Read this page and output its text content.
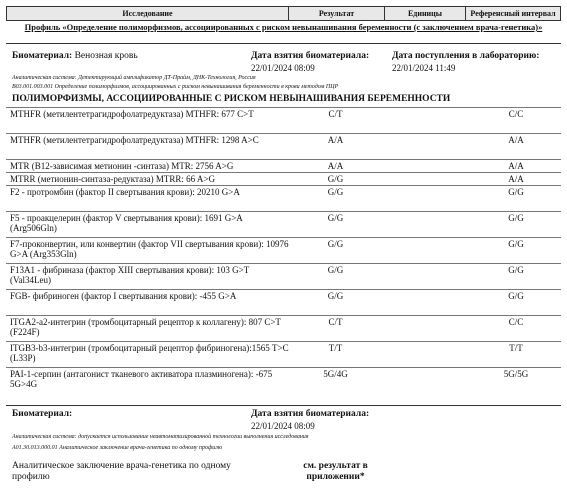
Исследование	Результат	Единицы	Референсный интервал
Профиль «Определение полиморфизмов, ассоциированных с риском невынашивания беременности (с заключением врача-генетика)»
Биоматериал: Венозная кровь	Дата взятия биоматериала:
22/01/2024 08:09
Дата поступления в лабораторию:
22/01/2024 11:49
Аналитическая система: Детектирующий амплификатор ДТ-Прайм, ДНК-Технология, Россия
В03.001.003.001 Определение полиморфизмов, ассоциированных с риском невынашивания беременности в крови методом ПЦР
ПОЛИМОРФИЗМЫ, АССОЦИИРОВАННЫЕ С РИСКОМ НЕВЫНАШИВАНИЯ БЕРЕМЕННОСТИ
MTHFR (метилентетрагидрофолатредуктаза) MTHFR: 677 C>T	C/T	C/C
MTHFR (метилентетрагидрофолатредуктаза) MTHFR: 1298 A>C	A/A	A/A
MTR (B12-зависимая метионин -синтаза) MTR: 2756 A>G	A/A	A/A
MTRR (метионин-синтаза-редуктаза) MTRR: 66 A>G	G/G	A/A
F2 - протромбин (фактор II свертывания крови): 20210 G>A	G/G	G/G
F5 - проакцелерин (фактор V свертывания крови): 1691 G>A (Arg506Gln)
G/G	G/G
F7-проконвертин, или конвертин (фактор VII свертывания крови): 10976 G>A (Arg353Gln)
G/G	G/G
F13A1 - фибриназа (фактор XIII свертывания крови): 103 G>T (Val34Leu)
G/G	G/G
FGB- фибриноген (фактор I свертывания крови): -455 G>A	G/G	G/G
ITGA2-a2-интегрин (тромбоцитарный рецептор к коллагену): 807 C>T (F224F)
C/T	C/C
ITGB3-b3-интегрин (тромбоцитарный рецептор фибриногена):1565 T>C (L33P)
T/T	T/T
PAI-1-серпин (антагонист тканевого активатора плазминогена): -675 5G>4G
5G/4G	5G/5G
Биоматериал:	Дата взятия биоматериала:
22/01/2024 08:09
Аналитическая система: допускается использование неавтоматизированной технологии выполнения исследования
A01.30.013.000.01 Аналитическое заключение врача-генетика по одному профилю
Аналитическое заключение врача-генетика по одному профилю
см. результат в приложении*
